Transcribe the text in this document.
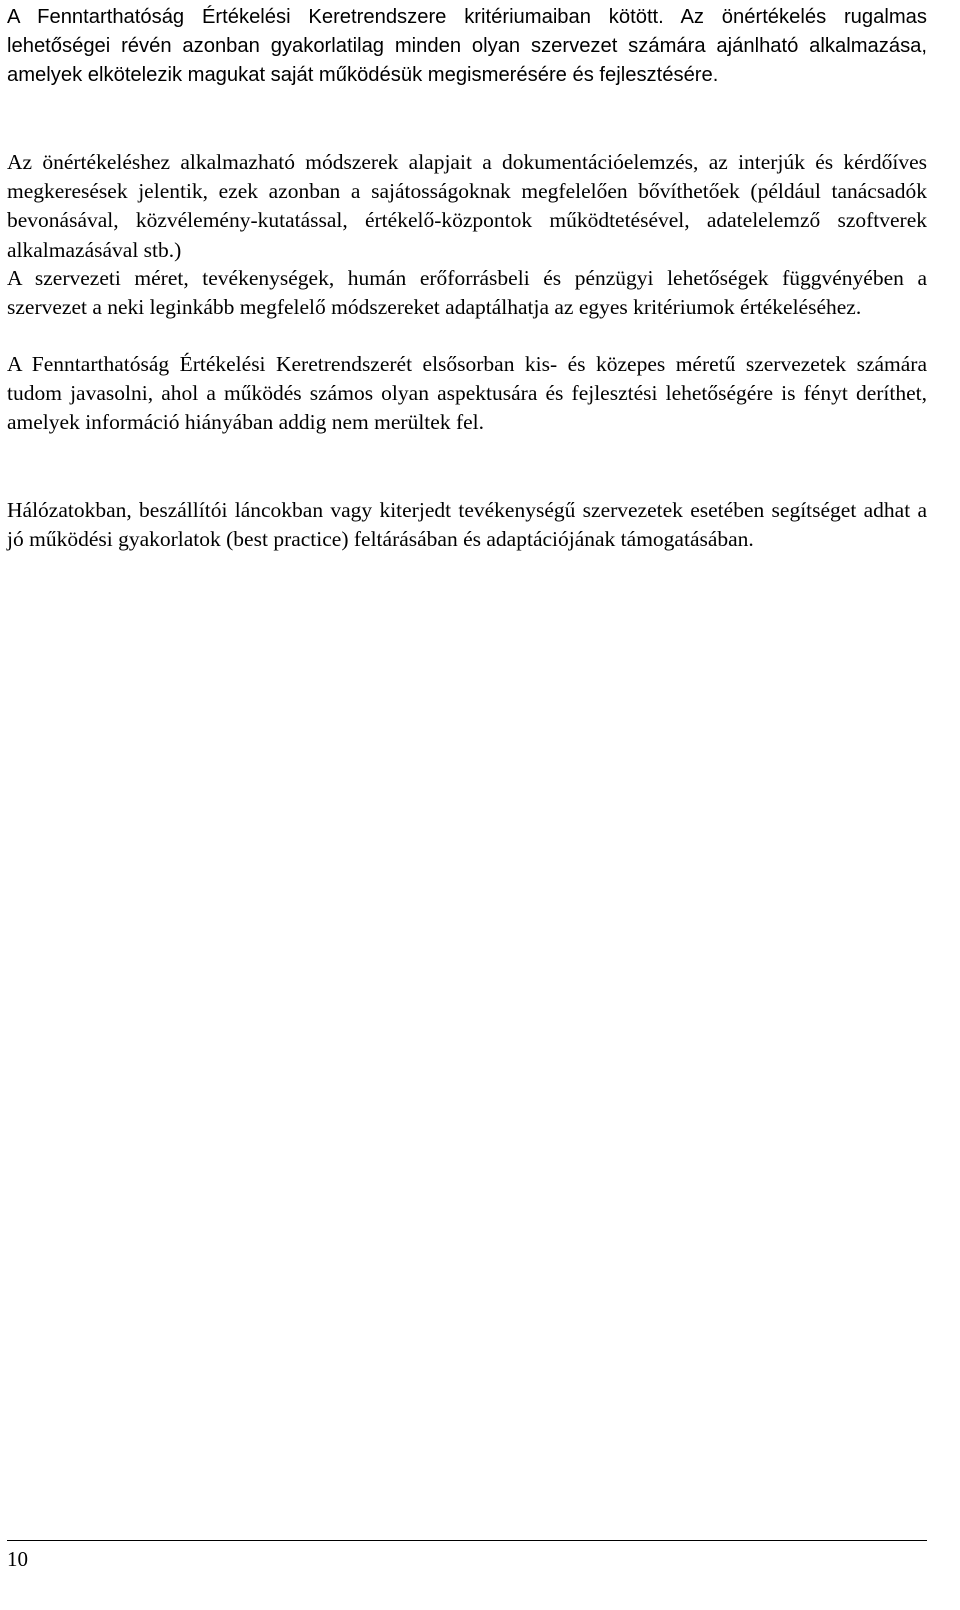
A Fenntarthatóság Értékelési Keretrendszere kritériumaiban kötött. Az önértékelés rugalmas lehetőségei révén azonban gyakorlatilag minden olyan szervezet számára ajánlható alkalmazása, amelyek elkötelezik magukat saját működésük megismerésére és fejlesztésére.

Az önértékeléshez alkalmazható módszerek alapjait a dokumentációelemzés, az interjúk és kérdőíves megkeresések jelentik, ezek azonban a sajátosságoknak megfelelően bővíthetőek (például tanácsadók bevonásával, közvélemény-kutatással, értékelő-központok működtetésével, adatelelemző szoftverek alkalmazásával stb.)

A szervezeti méret, tevékenységek, humán erőforrásbeli és pénzügyi lehetőségek függvényében a szervezet a neki leginkább megfelelő módszereket adaptálhatja az egyes kritériumok értékeléséhez.

A Fenntarthatóság Értékelési Keretrendszerét elsősorban kis- és közepes méretű szervezetek számára tudom javasolni, ahol a működés számos olyan aspektusára és fejlesztési lehetőségére is fényt deríthet, amelyek információ hiányában addig nem merültek fel.

Hálózatokban, beszállítói láncokban vagy kiterjedt tevékenységű szervezetek esetében segítséget adhat a jó működési gyakorlatok (best practice) feltárásában és adaptációjának támogatásában.

10
